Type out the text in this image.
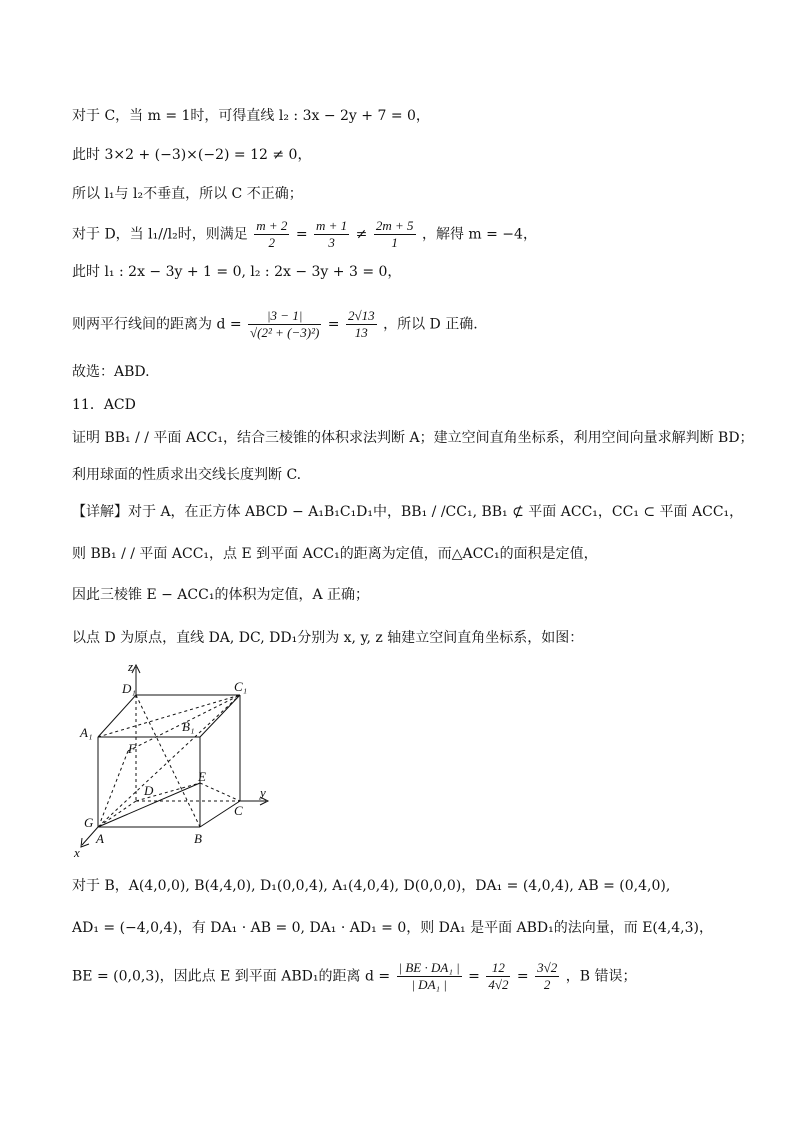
对于 C，当 m = 1时，可得直线 l₂ : 3x − 2y + 7 = 0，
此时 3×2 + (−3)×(−2) = 12 ≠ 0，
所以 l₁与 l₂不垂直，所以 C 不正确；
对于 D，当 l₁//l₂时，则满足 $\frac{m + 2}{2} = \frac{m + 1}{3} \ne \frac{2m + 5}{1}$ ，解得 m = −4，
此时 l₁ : 2x − 3y + 1 = 0, l₂ : 2x − 3y + 3 = 0，
则两平行线间的距离为 $d = \frac{|3 - 1|}{\text{√(2² + (−3)²)}} = \frac{2√13}{13}$ ，所以 D 正确.
故选：ABD.
11．ACD
证明 BB₁ / / 平面 ACC₁，结合三棱锥的体积求法判断 A；建立空间直角坐标系，利用空间向量求解判断 BD；
利用球面的性质求出交线长度判断 C.
【详解】对于 A，在正方体 ABCD − A₁B₁C₁D₁中，BB₁ / /CC₁, BB₁ ⊄ 平面 ACC₁，CC₁ ⊂ 平面 ACC₁，
则 BB₁ / / 平面 ACC₁，点 E 到平面 ACC₁的距离为定值，而△ACC₁的面积是定值，
因此三棱锥 E − ACC₁的体积为定值，A 正确；
以点 D 为原点，直线 DA, DC, DD₁分别为 x, y, z 轴建立空间直角坐标系，如图：
z
y
x
D₁	C₁
A₁	B₁
F
E
D
C
G
A	B
对于 B，A(4,0,0), B(4,4,0), D₁(0,0,4), A₁(4,0,4), D(0,0,0)，DA₁ = (4,0,4), AB = (0,4,0),
AD₁ = (−4,0,4)，有 DA₁ · AB = 0, DA₁ · AD₁ = 0，则 DA₁ 是平面 ABD₁的法向量，而 E(4,4,3)，
BE = (0,0,3)，因此点 E 到平面 ABD₁的距离 $d = \frac{\text{| BE · DA₁ |}}{\text{| DA₁ |}} = \frac{12}{4√2} = \frac{3√2}{2}$ ，B 错误；
